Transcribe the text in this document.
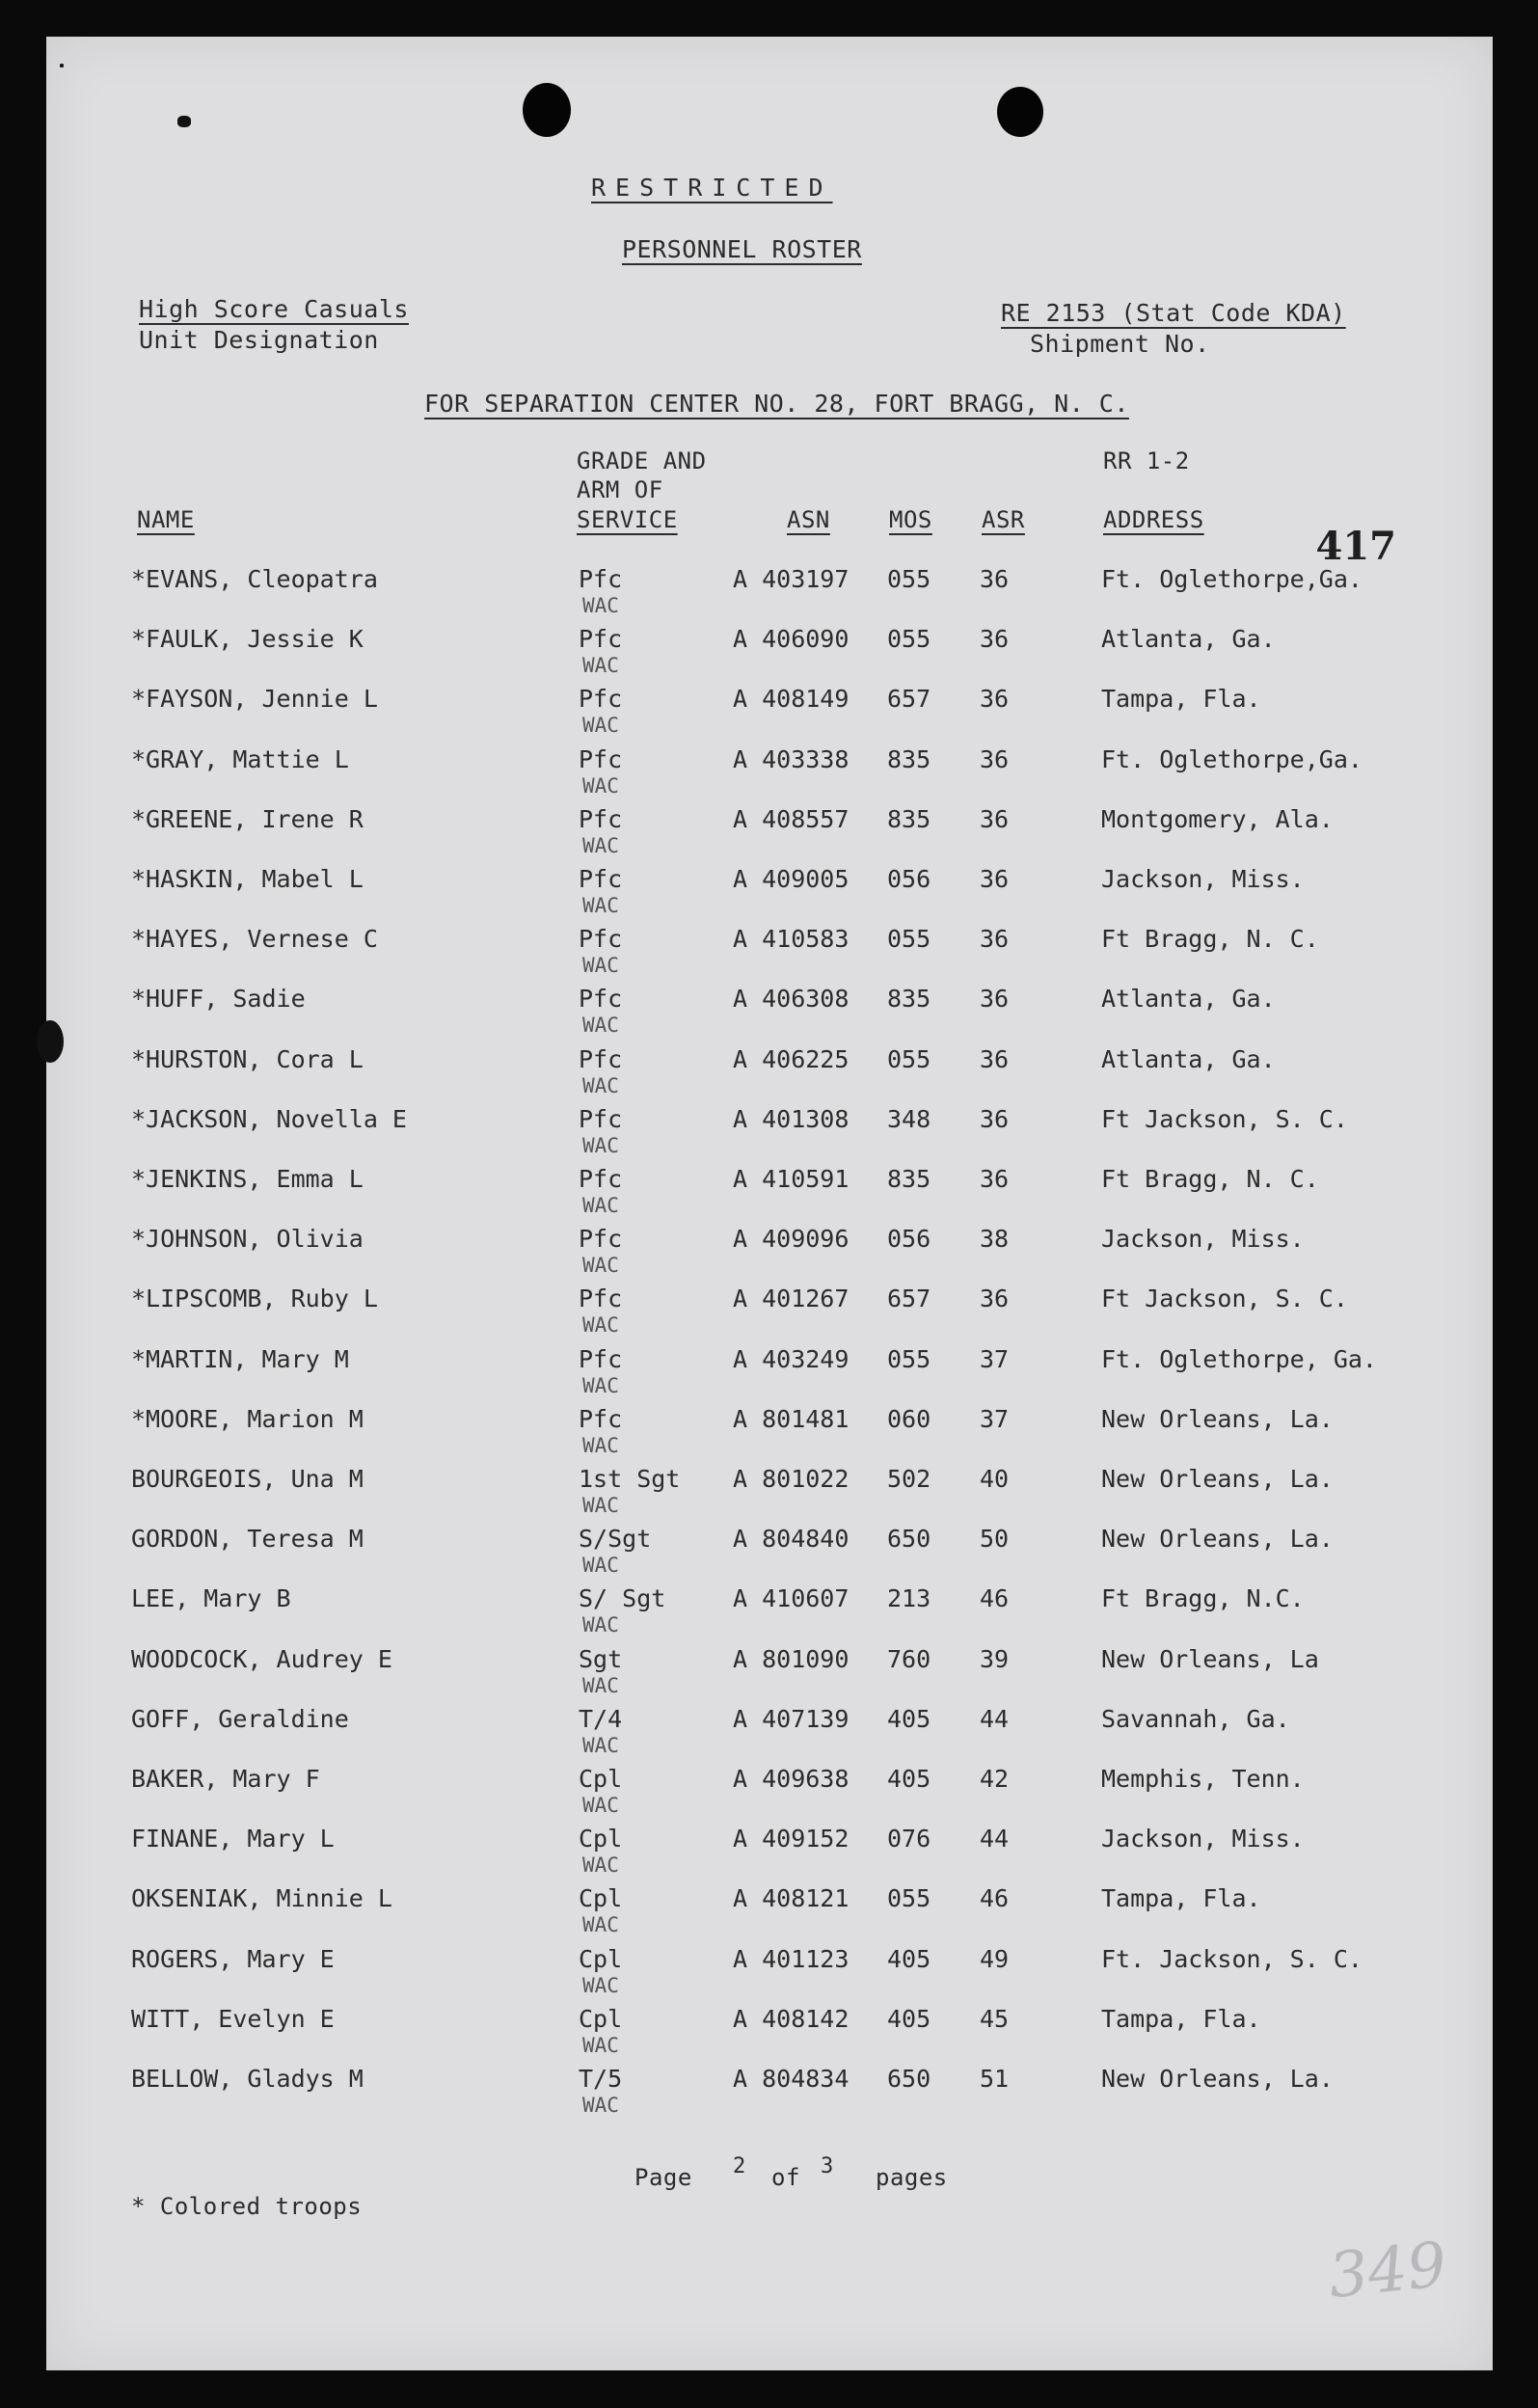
RESTRICTED
PERSONNEL ROSTER
High Score Casuals
Unit Designation
RE 2153 (Stat Code KDA)
Shipment No.
FOR SEPARATION CENTER NO. 28, FORT BRAGG, N. C.
GRADE AND
ARM OF
SERVICE
RR 1-2
NAME	ASN	MOS ASR	ADDRESS
417
*EVANS, Cleopatra	Pfc	A 403197 055 36	Ft. Oglethorpe,Ga.
WAC
*FAULK, Jessie K	Pfc	A 406090 055 36	Atlanta, Ga.
WAC
*FAYSON, Jennie L	Pfc	A 408149 657 36	Tampa, Fla.
WAC
*GRAY, Mattie L	Pfc	A 403338 835 36	Ft. Oglethorpe,Ga.
WAC
*GREENE, Irene R	Pfc	A 408557 835 36	Montgomery, Ala.
WAC
*HASKIN, Mabel L	Pfc	A 409005 056 36	Jackson, Miss.
WAC
*HAYES, Vernese C	Pfc	A 410583 055 36	Ft Bragg, N. C.
WAC
*HUFF, Sadie	Pfc	A 406308 835 36	Atlanta, Ga.
WAC
*HURSTON, Cora L	Pfc	A 406225 055 36	Atlanta, Ga.
WAC
*JACKSON, Novella E	Pfc	A 401308 348 36	Ft Jackson, S. C.
WAC
*JENKINS, Emma L	Pfc	A 410591 835 36	Ft Bragg, N. C.
WAC
*JOHNSON, Olivia	Pfc	A 409096 056 38	Jackson, Miss.
WAC
*LIPSCOMB, Ruby L	Pfc	A 401267 657 36	Ft Jackson, S. C.
WAC
*MARTIN, Mary M	Pfc	A 403249 055 37	Ft. Oglethorpe, Ga.
WAC
*MOORE, Marion M	Pfc	A 801481 060 37	New Orleans, La.
WAC
BOURGEOIS, Una M	1st Sgt A 801022 502 40	New Orleans, La.
WAC
GORDON, Teresa M	S/Sgt	A 804840 650 50	New Orleans, La.
WAC
LEE, Mary B	S/ Sgt	A 410607 213 46	Ft Bragg, N.C.
WAC
WOODCOCK, Audrey E	Sgt	A 801090 760 39	New Orleans, La
WAC
GOFF, Geraldine	T/4	A 407139 405 44	Savannah, Ga.
WAC
BAKER, Mary F	Cpl	A 409638 405 42	Memphis, Tenn.
WAC
FINANE, Mary L	Cpl	A 409152 076 44	Jackson, Miss.
WAC
OKSENIAK, Minnie L	Cpl	A 408121 055 46	Tampa, Fla.
WAC
ROGERS, Mary E	Cpl	A 401123 405 49	Ft. Jackson, S. C.
WAC
WITT, Evelyn E	Cpl	A 408142 405 45	Tampa, Fla.
WAC
BELLOW, Gladys M	T/5	A 804834 650 51	New Orleans, La.
WAC
Page 2 of 3 pages
* Colored troops
349
